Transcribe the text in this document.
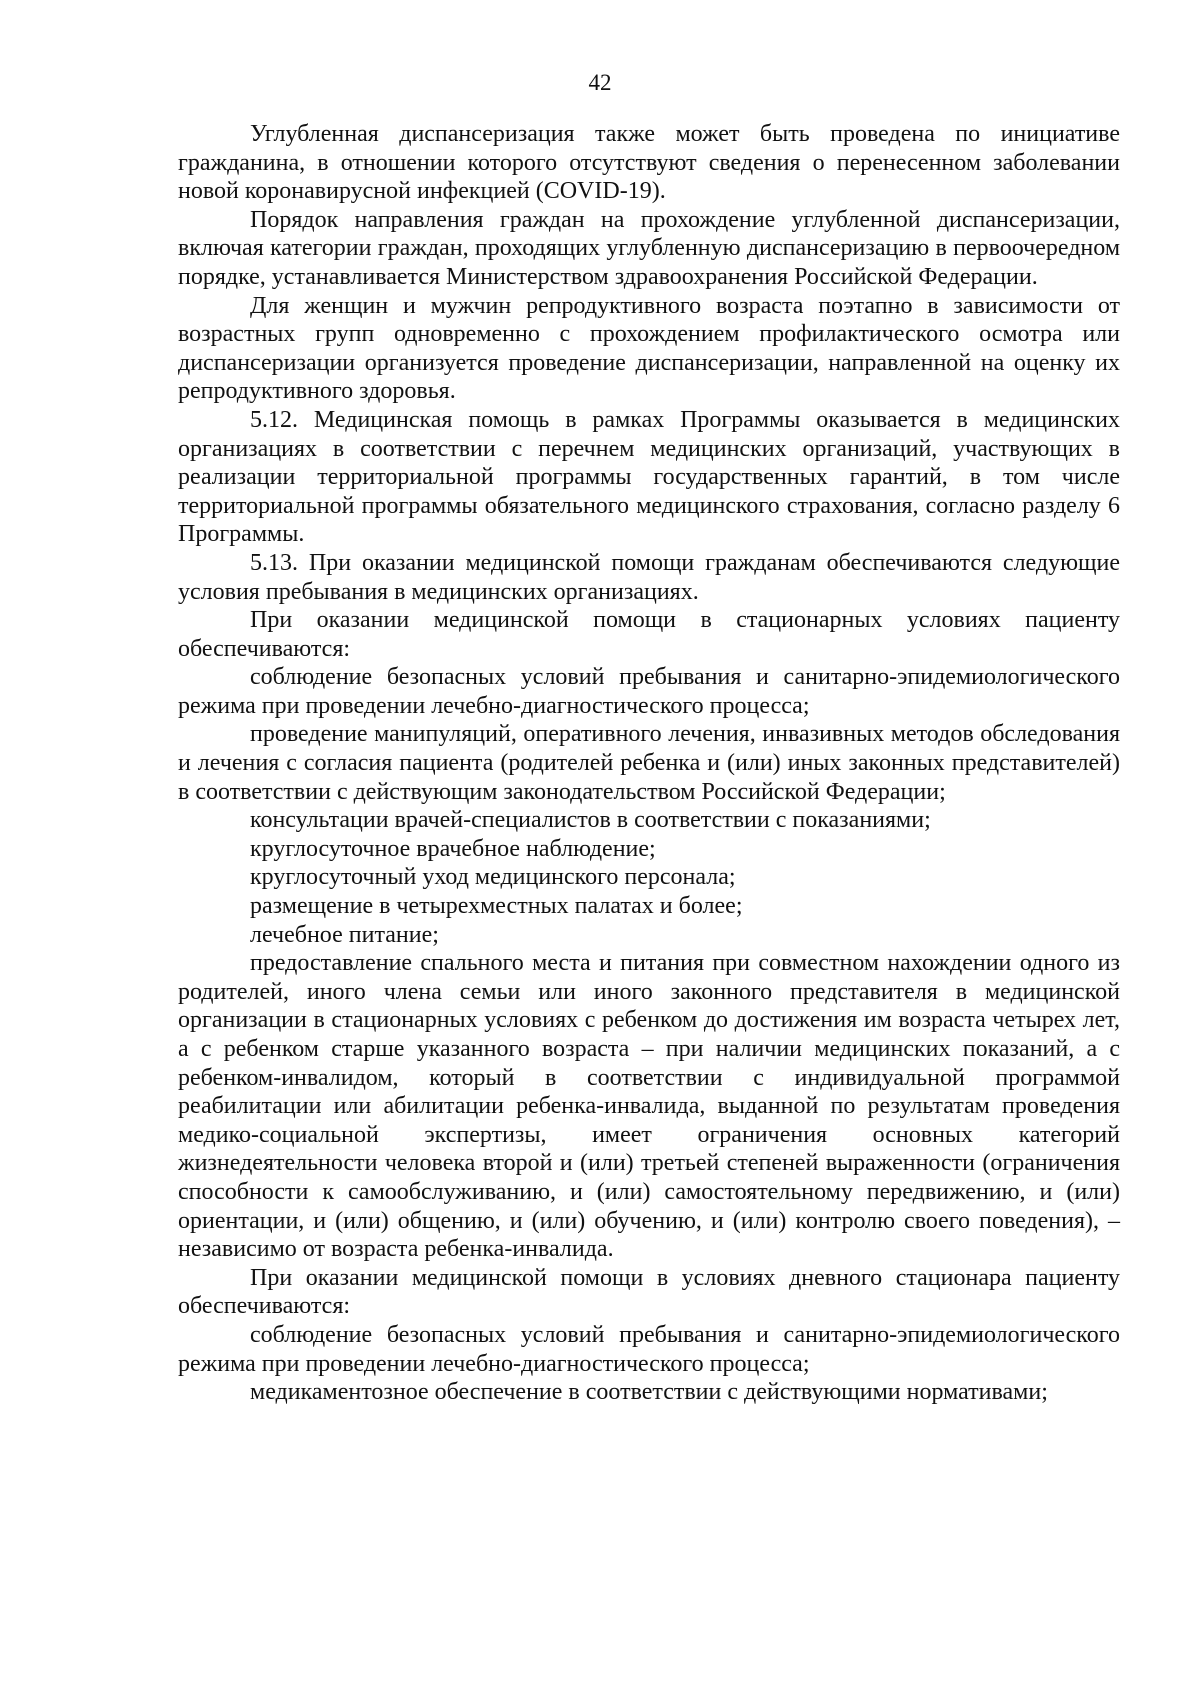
42

Углубленная диспансеризация также может быть проведена по инициативе гражданина, в отношении которого отсутствуют сведения о перенесенном заболевании новой коронавирусной инфекцией (COVID-19).

Порядок направления граждан на прохождение углубленной диспансеризации, включая категории граждан, проходящих углубленную диспансеризацию в первоочередном порядке, устанавливается Министерством здравоохранения Российской Федерации.

Для женщин и мужчин репродуктивного возраста поэтапно в зависимости от возрастных групп одновременно с прохождением профилактического осмотра или диспансеризации организуется проведение диспансеризации, направленной на оценку их репродуктивного здоровья.

5.12. Медицинская помощь в рамках Программы оказывается в медицинских организациях в соответствии с перечнем медицинских организаций, участвующих в реализации территориальной программы государственных гарантий, в том числе территориальной программы обязательного медицинского страхования, согласно разделу 6 Программы.

5.13. При оказании медицинской помощи гражданам обеспечиваются следующие условия пребывания в медицинских организациях.

При оказании медицинской помощи в стационарных условиях пациенту обеспечиваются:

соблюдение безопасных условий пребывания и санитарно-эпидемиологического режима при проведении лечебно-диагностического процесса;

проведение манипуляций, оперативного лечения, инвазивных методов обследования и лечения с согласия пациента (родителей ребенка и (или) иных законных представителей) в соответствии с действующим законодательством Российской Федерации;

консультации врачей-специалистов в соответствии с показаниями;

круглосуточное врачебное наблюдение;

круглосуточный уход медицинского персонала;

размещение в четырехместных палатах и более;

лечебное питание;

предоставление спального места и питания при совместном нахождении одного из родителей, иного члена семьи или иного законного представителя в медицинской организации в стационарных условиях с ребенком до достижения им возраста четырех лет, а с ребенком старше указанного возраста – при наличии медицинских показаний, а с ребенком-инвалидом, который в соответствии с индивидуальной программой реабилитации или абилитации ребенка-инвалида, выданной по результатам проведения медико-социальной экспертизы, имеет ограничения основных категорий жизнедеятельности человека второй и (или) третьей степеней выраженности (ограничения способности к самообслуживанию, и (или) самостоятельному передвижению, и (или) ориентации, и (или) общению, и (или) обучению, и (или) контролю своего поведения), – независимо от возраста ребенка-инвалида.

При оказании медицинской помощи в условиях дневного стационара пациенту обеспечиваются:

соблюдение безопасных условий пребывания и санитарно-эпидемиологического режима при проведении лечебно-диагностического процесса;

медикаментозное обеспечение в соответствии с действующими нормативами;
